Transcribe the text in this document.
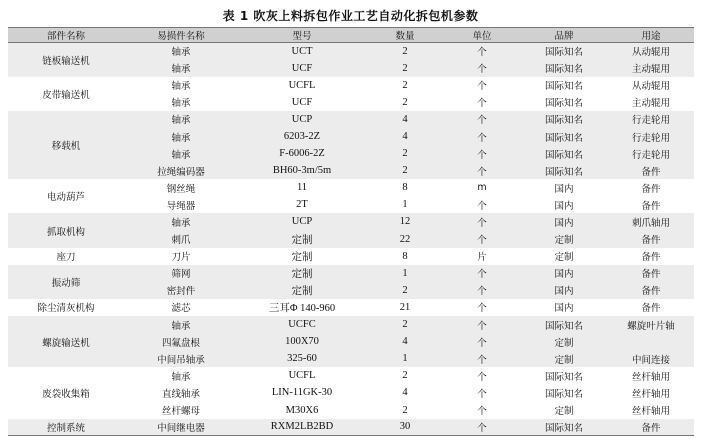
表 1 吹灰上料拆包作业工艺自动化拆包机参数
部件名称	易损件名称	型号	数量	单位	品牌	用途
链板输送机	轴承	UCT	2	个	国际知名	从动辊用
	轴承	UCF	2	个	国际知名	主动辊用
皮带输送机	轴承	UCFL	2	个	国际知名	从动辊用
	轴承	UCF	2	个	国际知名	主动辊用
移载机	轴承	UCP	4	个	国际知名	行走轮用
	轴承	6203-2Z	4	个	国际知名	行走轮用
	轴承	F-6006-2Z	2	个	国际知名	行走轮用
	拉绳编码器	BH60-3m/5m	2	个	国际知名	备件
电动葫芦	钢丝绳	11	8	m	国内	备件
	导绳器	2T	1	个	国内	备件
抓取机构	轴承	UCP	12	个	国内	刺爪轴用
	刺爪	定制	22	个	定制	备件
座刀	刀片	定制	8	片	定制	备件
振动筛	筛网	定制	1	个	国内	备件
	密封件	定制	2	个	国内	备件
除尘清灰机构	滤芯	三耳Φ 140-960	21	个	国内	备件
螺旋输送机	轴承	UCFC	2	个	国际知名	螺旋叶片轴
	四氟盘根	100X70	4	个	定制	
	中间吊轴承	325-60	1	个	定制	中间连接
废袋收集箱	轴承	UCFL	2	个	国际知名	丝杆轴用
	直线轴承	LIN-11GK-30	4	个	国际知名	丝杆轴用
	丝杆螺母	M30X6	2	个	定制	丝杆轴用
控制系统	中间继电器	RXM2LB2BD	30	个	国际知名	备件
